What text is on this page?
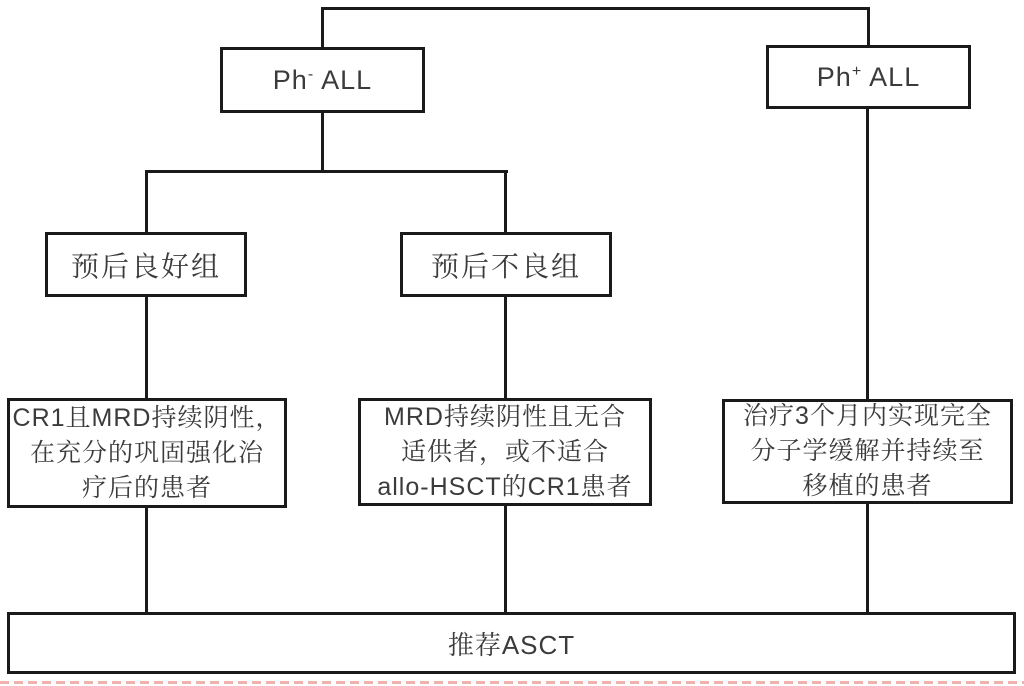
Ph- ALL	Ph+ ALL
预后良好组	预后不良组
CR1且MRD持续阴性，
在充分的巩固强化治
疗后的患者
MRD持续阴性且无合
适供者，或不适合
allo-HSCT的CR1患者
治疗3个月内实现完全
分子学缓解并持续至
移植的患者
推荐ASCT
